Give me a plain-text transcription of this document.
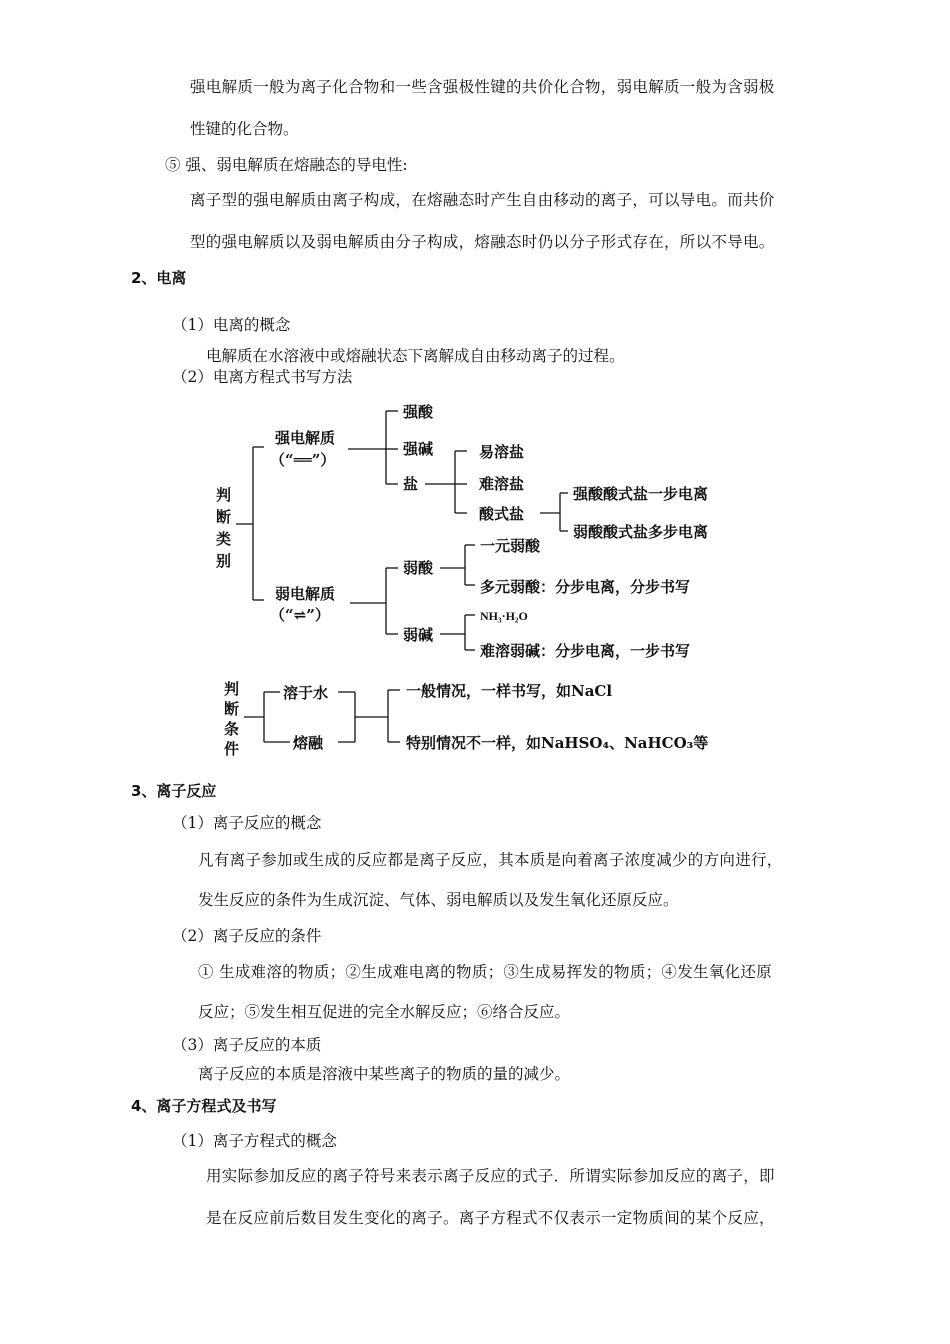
强电解质一般为离子化合物和一些含强极性键的共价化合物，弱电解质一般为含弱极
性键的化合物。
⑤ 强、弱电解质在熔融态的导电性:
离子型的强电解质由离子构成，在熔融态时产生自由移动的离子，可以导电。而共价
型的强电解质以及弱电解质由分子构成，熔融态时仍以分子形式存在，所以不导电。
2、电离
（1）电离的概念
电解质在水溶液中或熔融状态下离解成自由移动离子的过程。
（2）电离方程式书写方法
判
断
类
别
强电解质
（“══”）
强酸
强碱
盐
易溶盐
难溶盐
酸式盐
强酸酸式盐一步电离
弱酸酸式盐多步电离
弱电解质
（“⇌”）
弱酸
弱碱
一元弱酸
多元弱酸：分步电离，分步书写
NH₃·H₂O
难溶弱碱：分步电离，一步书写
判
断
条
件
溶于水
熔融
一般情况，一样书写，如NaCl
特别情况不一样，如NaHSO₄、NaHCO₃等
3、离子反应
（1）离子反应的概念
凡有离子参加或生成的反应都是离子反应，其本质是向着离子浓度减少的方向进行，
发生反应的条件为生成沉淀、气体、弱电解质以及发生氧化还原反应。
（2）离子反应的条件
① 生成难溶的物质；②生成难电离的物质；③生成易挥发的物质；④发生氧化还原
反应；⑤发生相互促进的完全水解反应；⑥络合反应。
（3）离子反应的本质
离子反应的本质是溶液中某些离子的物质的量的减少。
4、离子方程式及书写
（1）离子方程式的概念
用实际参加反应的离子符号来表示离子反应的式子．所谓实际参加反应的离子，即
是在反应前后数目发生变化的离子。离子方程式不仅表示一定物质间的某个反应，
